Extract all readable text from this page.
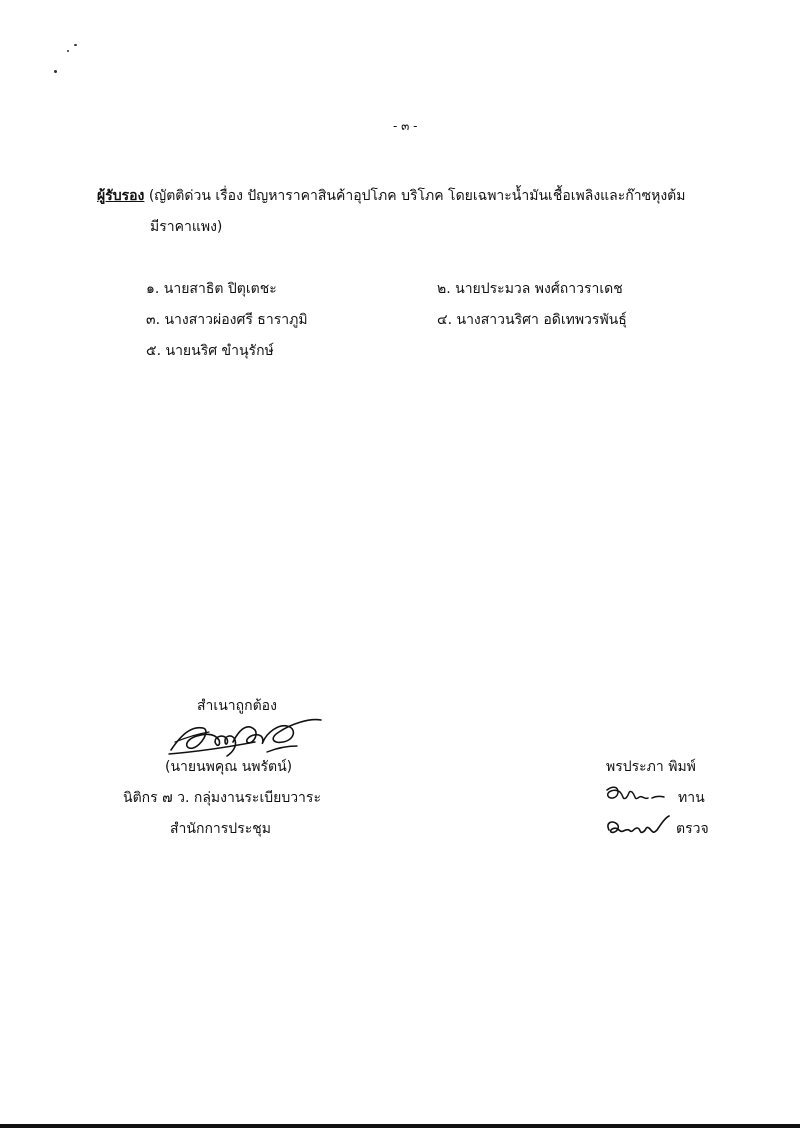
- ๓ -
ผู้รับรอง (ญัตติด่วน เรื่อง ปัญหาราคาสินค้าอุปโภค บริโภค โดยเฉพาะน้ำมันเชื้อเพลิงและก๊าซหุงต้ม
มีราคาแพง)
๑. นายสาธิต ปิตุเตชะ	๒. นายประมวล พงศ์ถาวราเดช
๓. นางสาวผ่องศรี ธาราภูมิ	๔. นางสาวนริศา อดิเทพวรพันธุ์
๕. นายนริศ ขำนุรักษ์
สำเนาถูกต้อง
(นายนพคุณ นพรัตน์)
นิติกร ๗ ว. กลุ่มงานระเบียบวาระ
สำนักการประชุม
พรประภา พิมพ์
ทาน
ตรวจ
